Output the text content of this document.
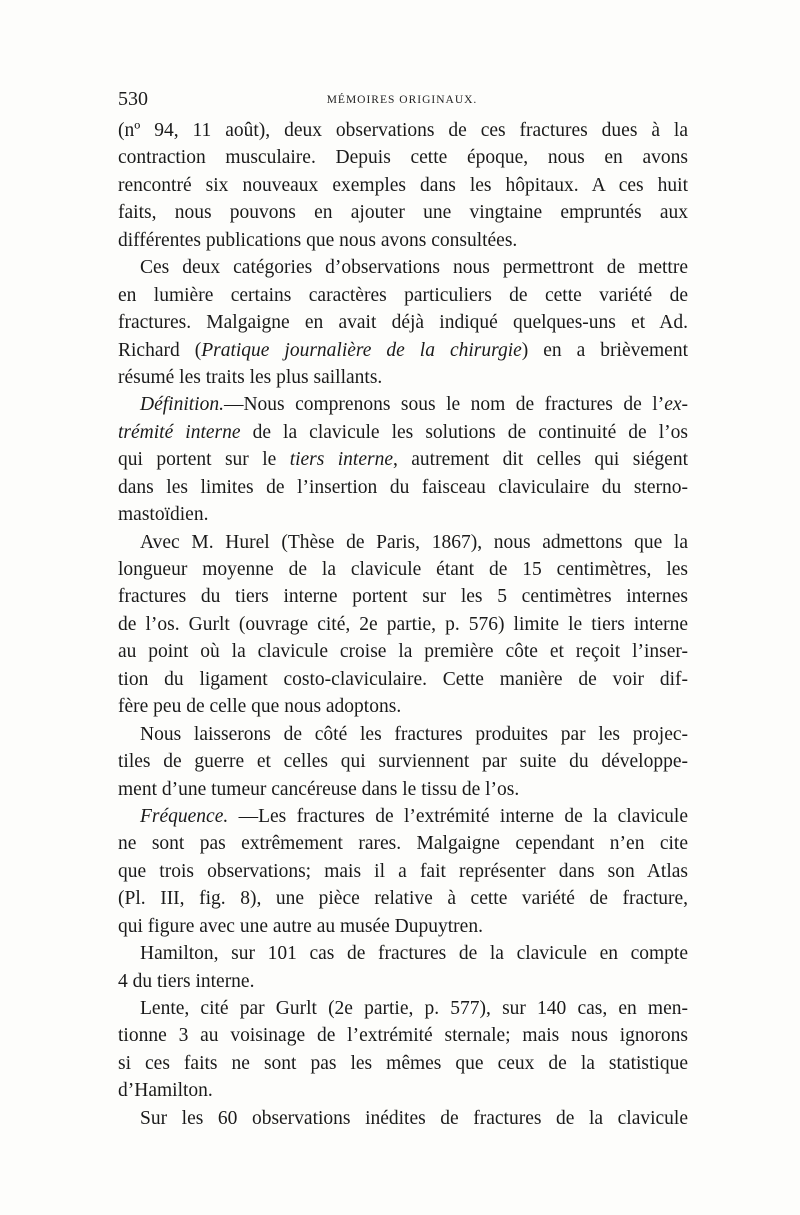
530	MÉMOIRES ORIGINAUX.
(nº 94, 11 août), deux observations de ces fractures dues à la
contraction musculaire. Depuis cette époque, nous en avons
rencontré six nouveaux exemples dans les hôpitaux. A ces huit
faits, nous pouvons en ajouter une vingtaine empruntés aux
différentes publications que nous avons consultées.
Ces deux catégories d’observations nous permettront de mettre
en lumière certains caractères particuliers de cette variété de
fractures. Malgaigne en avait déjà indiqué quelques-uns et Ad.
Richard (Pratique journalière de la chirurgie) en a brièvement
résumé les traits les plus saillants.
Définition.—Nous comprenons sous le nom de fractures de l’ex-
trémité interne de la clavicule les solutions de continuité de l’os
qui portent sur le tiers interne, autrement dit celles qui siégent
dans les limites de l’insertion du faisceau claviculaire du sterno-
mastoïdien.
Avec M. Hurel (Thèse de Paris, 1867), nous admettons que la
longueur moyenne de la clavicule étant de 15 centimètres, les
fractures du tiers interne portent sur les 5 centimètres internes
de l’os. Gurlt (ouvrage cité, 2e partie, p. 576) limite le tiers interne
au point où la clavicule croise la première côte et reçoit l’inser-
tion du ligament costo-claviculaire. Cette manière de voir dif-
fère peu de celle que nous adoptons.
Nous laisserons de côté les fractures produites par les projec-
tiles de guerre et celles qui surviennent par suite du développe-
ment d’une tumeur cancéreuse dans le tissu de l’os.
Fréquence. —Les fractures de l’extrémité interne de la clavicule
ne sont pas extrêmement rares. Malgaigne cependant n’en cite
que trois observations; mais il a fait représenter dans son Atlas
(Pl. III, fig. 8), une pièce relative à cette variété de fracture,
qui figure avec une autre au musée Dupuytren.
Hamilton, sur 101 cas de fractures de la clavicule en compte
4 du tiers interne.
Lente, cité par Gurlt (2e partie, p. 577), sur 140 cas, en men-
tionne 3 au voisinage de l’extrémité sternale; mais nous ignorons
si ces faits ne sont pas les mêmes que ceux de la statistique
d’Hamilton.
Sur les 60 observations inédites de fractures de la clavicule
